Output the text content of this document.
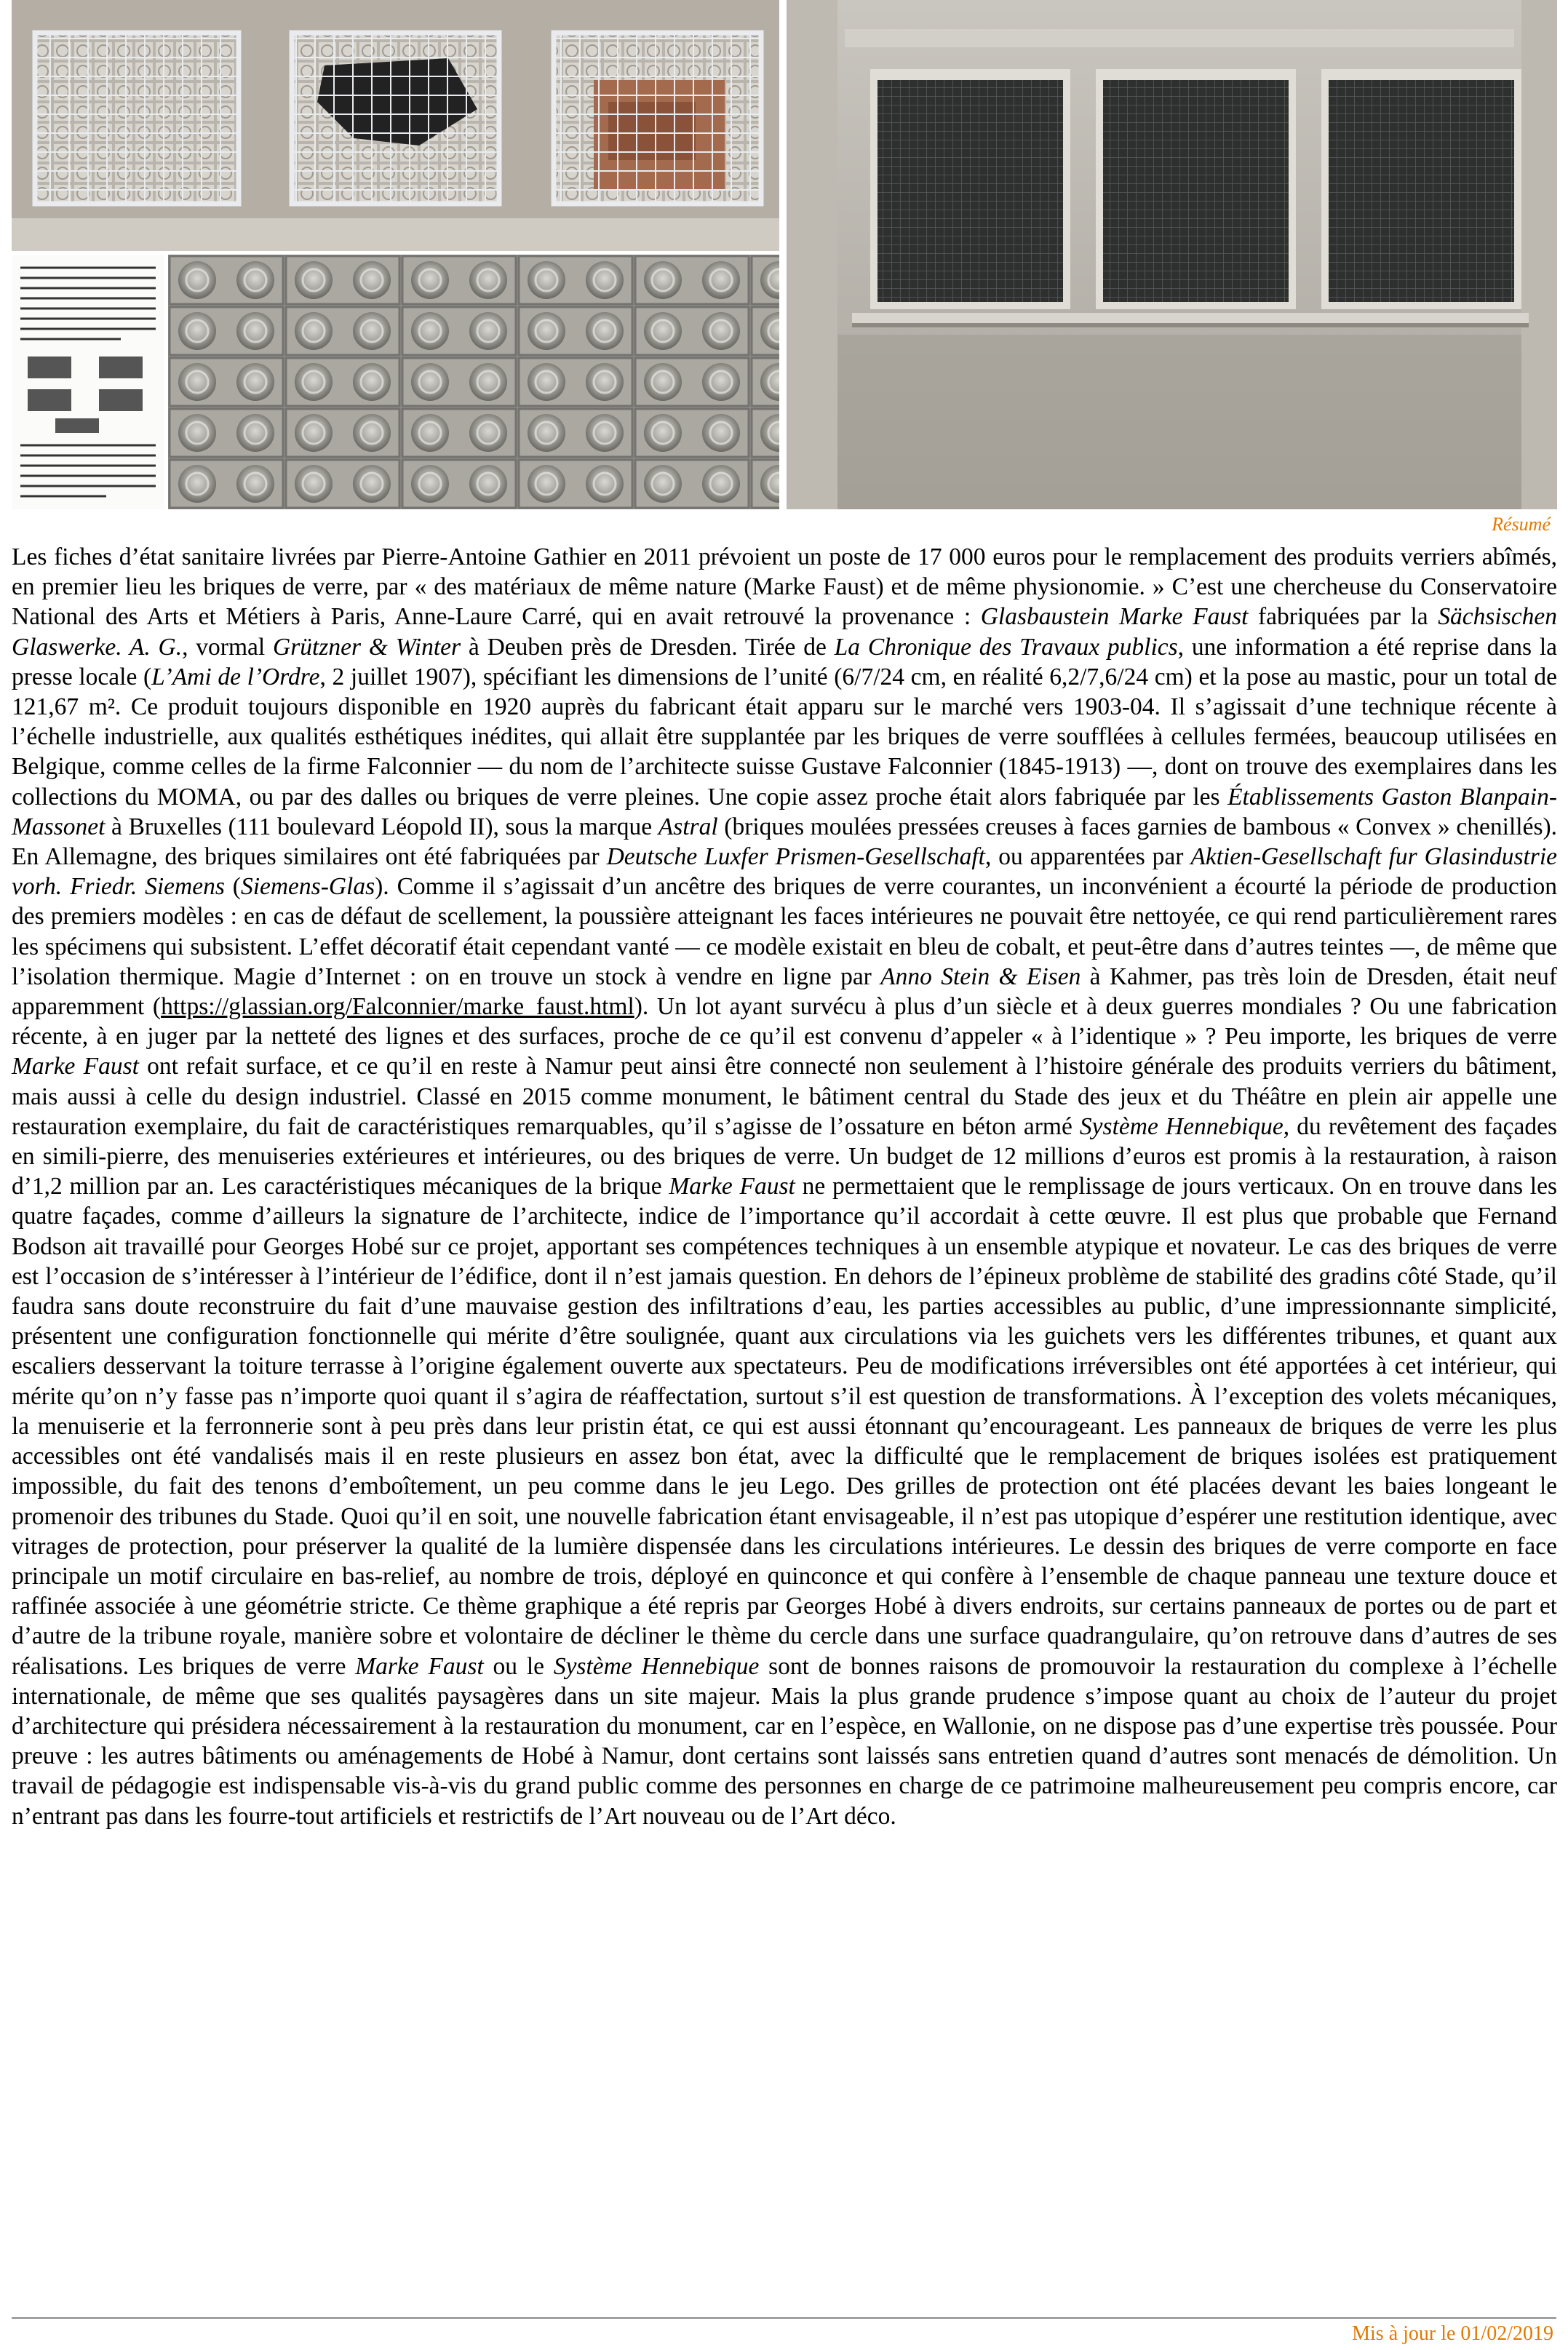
Résumé

Les fiches d’état sanitaire livrées par Pierre-Antoine Gathier en 2011 prévoient un poste de 17 000 euros pour le remplacement des produits verriers abîmés, en premier lieu les briques de verre, par « des matériaux de même nature (Marke Faust) et de même physionomie. » C’est une chercheuse du Conservatoire National des Arts et Métiers à Paris, Anne-Laure Carré, qui en avait retrouvé la provenance : Glasbaustein Marke Faust fabriquées par la Sächsischen Glaswerke. A. G., vormal Grützner & Winter à Deuben près de Dresden. Tirée de La Chronique des Travaux publics, une information a été reprise dans la presse locale (L’Ami de l’Ordre, 2 juillet 1907), spécifiant les dimensions de l’unité (6/7/24 cm, en réalité 6,2/7,6/24 cm) et la pose au mastic, pour un total de 121,67 m². Ce produit toujours disponible en 1920 auprès du fabricant était apparu sur le marché vers 1903-04. Il s’agissait d’une technique récente à l’échelle industrielle, aux qualités esthétiques inédites, qui allait être supplantée par les briques de verre soufflées à cellules fermées, beaucoup utilisées en Belgique, comme celles de la firme Falconnier — du nom de l’architecte suisse Gustave Falconnier (1845-1913) —, dont on trouve des exemplaires dans les collections du MOMA, ou par des dalles ou briques de verre pleines. Une copie assez proche était alors fabriquée par les Établissements Gaston Blanpain-Massonet à Bruxelles (111 boulevard Léopold II), sous la marque Astral (briques moulées pressées creuses à faces garnies de bambous « Convex » chenillés). En Allemagne, des briques similaires ont été fabriquées par Deutsche Luxfer Prismen-Gesellschaft, ou apparentées par Aktien-Gesellschaft fur Glasindustrie vorh. Friedr. Siemens (Siemens-Glas). Comme il s’agissait d’un ancêtre des briques de verre courantes, un inconvénient a écourté la période de production des premiers modèles : en cas de défaut de scellement, la poussière atteignant les faces intérieures ne pouvait être nettoyée, ce qui rend particulièrement rares les spécimens qui subsistent. L’effet décoratif était cependant vanté — ce modèle existait en bleu de cobalt, et peut-être dans d’autres teintes —, de même que l’isolation thermique. Magie d’Internet : on en trouve un stock à vendre en ligne par Anno Stein & Eisen à Kahmer, pas très loin de Dresden, était neuf apparemment (https://glassian.org/Falconnier/marke_faust.html). Un lot ayant survécu à plus d’un siècle et à deux guerres mondiales ? Ou une fabrication récente, à en juger par la netteté des lignes et des surfaces, proche de ce qu’il est convenu d’appeler « à l’identique » ? Peu importe, les briques de verre Marke Faust ont refait surface, et ce qu’il en reste à Namur peut ainsi être connecté non seulement à l’histoire générale des produits verriers du bâtiment, mais aussi à celle du design industriel. Classé en 2015 comme monument, le bâtiment central du Stade des jeux et du Théâtre en plein air appelle une restauration exemplaire, du fait de caractéristiques remarquables, qu’il s’agisse de l’ossature en béton armé Système Hennebique, du revêtement des façades en simili-pierre, des menuiseries extérieures et intérieures, ou des briques de verre. Un budget de 12 millions d’euros est promis à la restauration, à raison d’1,2 million par an. Les caractéristiques mécaniques de la brique Marke Faust ne permettaient que le remplissage de jours verticaux. On en trouve dans les quatre façades, comme d’ailleurs la signature de l’architecte, indice de l’importance qu’il accordait à cette œuvre. Il est plus que probable que Fernand Bodson ait travaillé pour Georges Hobé sur ce projet, apportant ses compétences techniques à un ensemble atypique et novateur. Le cas des briques de verre est l’occasion de s’intéresser à l’intérieur de l’édifice, dont il n’est jamais question. En dehors de l’épineux problème de stabilité des gradins côté Stade, qu’il faudra sans doute reconstruire du fait d’une mauvaise gestion des infiltrations d’eau, les parties accessibles au public, d’une impressionnante simplicité, présentent une configuration fonctionnelle qui mérite d’être soulignée, quant aux circulations via les guichets vers les différentes tribunes, et quant aux escaliers desservant la toiture terrasse à l’origine également ouverte aux spectateurs. Peu de modifications irréversibles ont été apportées à cet intérieur, qui mérite qu’on n’y fasse pas n’importe quoi quant il s’agira de réaffectation, surtout s’il est question de transformations. À l’exception des volets mécaniques, la menuiserie et la ferronnerie sont à peu près dans leur pristin état, ce qui est aussi étonnant qu’encourageant. Les panneaux de briques de verre les plus accessibles ont été vandalisés mais il en reste plusieurs en assez bon état, avec la difficulté que le remplacement de briques isolées est pratiquement impossible, du fait des tenons d’emboîtement, un peu comme dans le jeu Lego. Des grilles de protection ont été placées devant les baies longeant le promenoir des tribunes du Stade. Quoi qu’il en soit, une nouvelle fabrication étant envisageable, il n’est pas utopique d’espérer une restitution identique, avec vitrages de protection, pour préserver la qualité de la lumière dispensée dans les circulations intérieures. Le dessin des briques de verre comporte en face principale un motif circulaire en bas-relief, au nombre de trois, déployé en quinconce et qui confère à l’ensemble de chaque panneau une texture douce et raffinée associée à une géométrie stricte. Ce thème graphique a été repris par Georges Hobé à divers endroits, sur certains panneaux de portes ou de part et d’autre de la tribune royale, manière sobre et volontaire de décliner le thème du cercle dans une surface quadrangulaire, qu’on retrouve dans d’autres de ses réalisations. Les briques de verre Marke Faust ou le Système Hennebique sont de bonnes raisons de promouvoir la restauration du complexe à l’échelle internationale, de même que ses qualités paysagères dans un site majeur. Mais la plus grande prudence s’impose quant au choix de l’auteur du projet d’architecture qui présidera nécessairement à la restauration du monument, car en l’espèce, en Wallonie, on ne dispose pas d’une expertise très poussée. Pour preuve : les autres bâtiments ou aménagements de Hobé à Namur, dont certains sont laissés sans entretien quand d’autres sont menacés de démolition. Un travail de pédagogie est indispensable vis-à-vis du grand public comme des personnes en charge de ce patrimoine malheureusement peu compris encore, car n’entrant pas dans les fourre-tout artificiels et restrictifs de l’Art nouveau ou de l’Art déco.

Mis à jour le 01/02/2019
